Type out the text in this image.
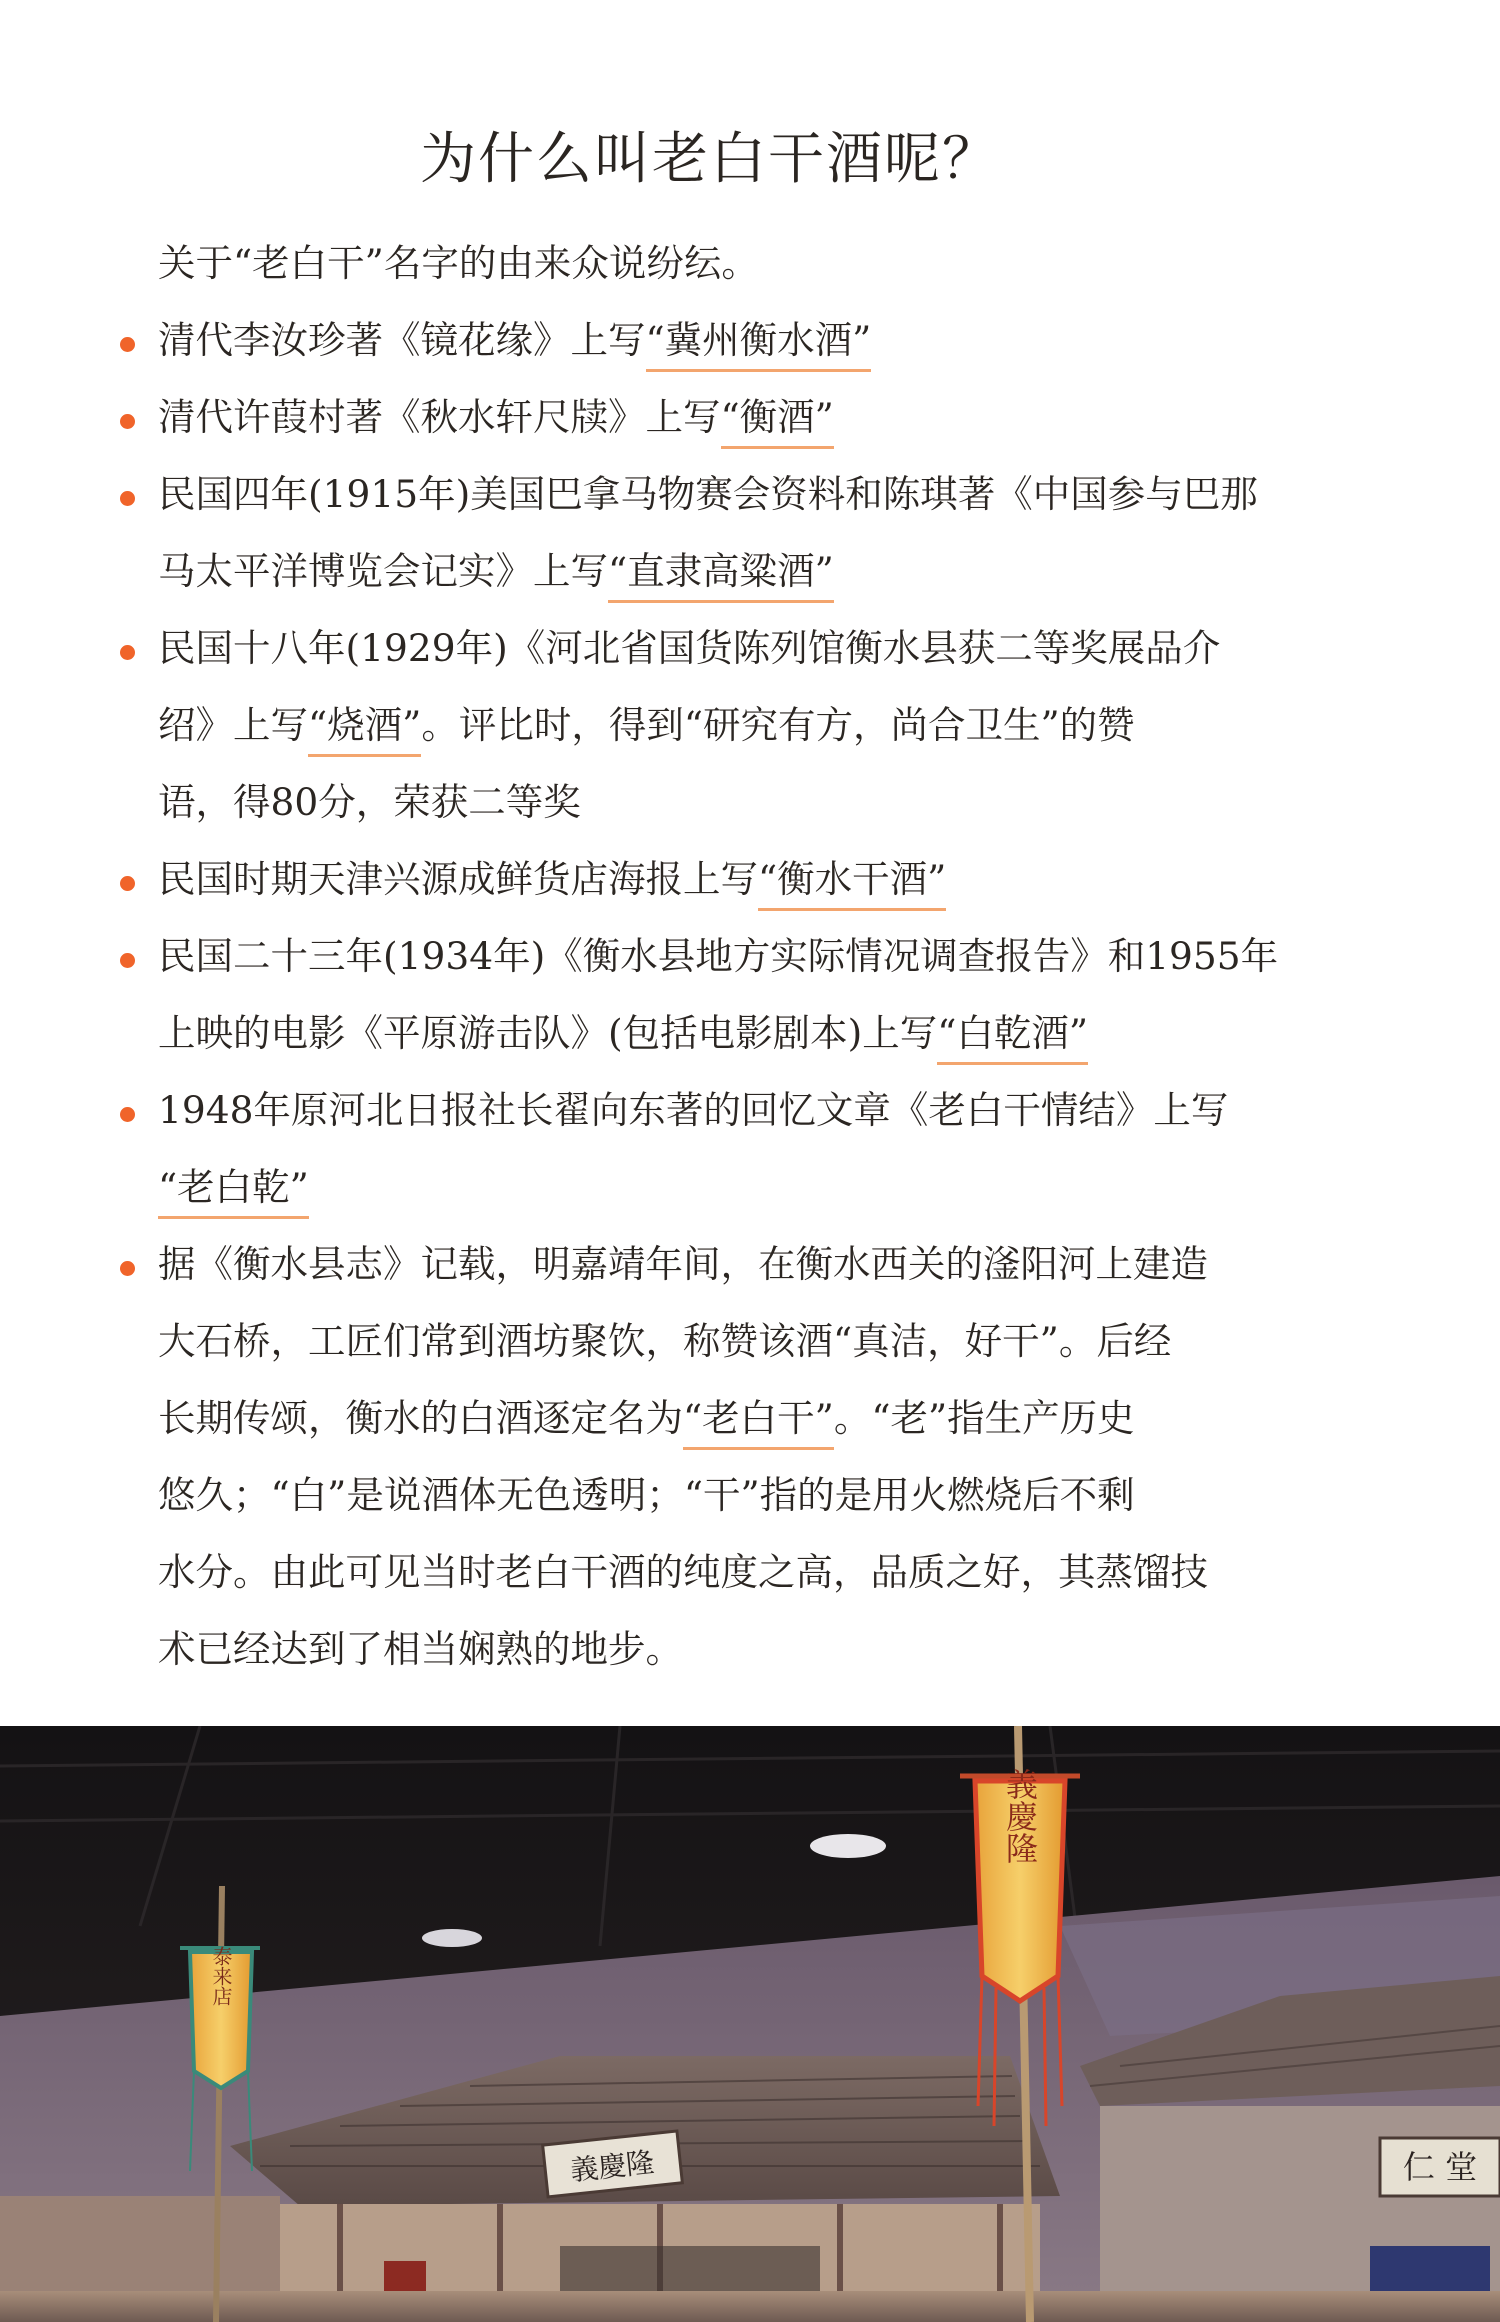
为什么叫老白干酒呢？

关于“老白干”名字的由来众说纷纭。

清代李汝珍著《镜花缘》上写“冀州衡水酒”
清代许葭村著《秋水轩尺牍》上写“衡酒”
民国四年(1915年)美国巴拿马物赛会资料和陈琪著《中国参与巴那
马太平洋博览会记实》上写“直隶高粱酒”
民国十八年(1929年)《河北省国货陈列馆衡水县获二等奖展品介
绍》上写“烧酒”。评比时，得到“研究有方，尚合卫生”的赞
语，得80分，荣获二等奖
民国时期天津兴源成鲜货店海报上写“衡水干酒”
民国二十三年(1934年)《衡水县地方实际情况调查报告》和1955年
上映的电影《平原游击队》(包括电影剧本)上写“白乾酒”
1948年原河北日报社长翟向东著的回忆文章《老白干情结》上写
“老白乾”
据《衡水县志》记载，明嘉靖年间，在衡水西关的滏阳河上建造
大石桥，工匠们常到酒坊聚饮，称赞该酒“真洁，好干”。后经
长期传颂，衡水的白酒逐定名为“老白干”。“老”指生产历史
悠久；“白”是说酒体无色透明；“干”指的是用火燃烧后不剩
水分。由此可见当时老白干酒的纯度之高，品质之好，其蒸馏技
术已经达到了相当娴熟的地步。
義慶隆	仁 堂
義慶隆
泰来店
